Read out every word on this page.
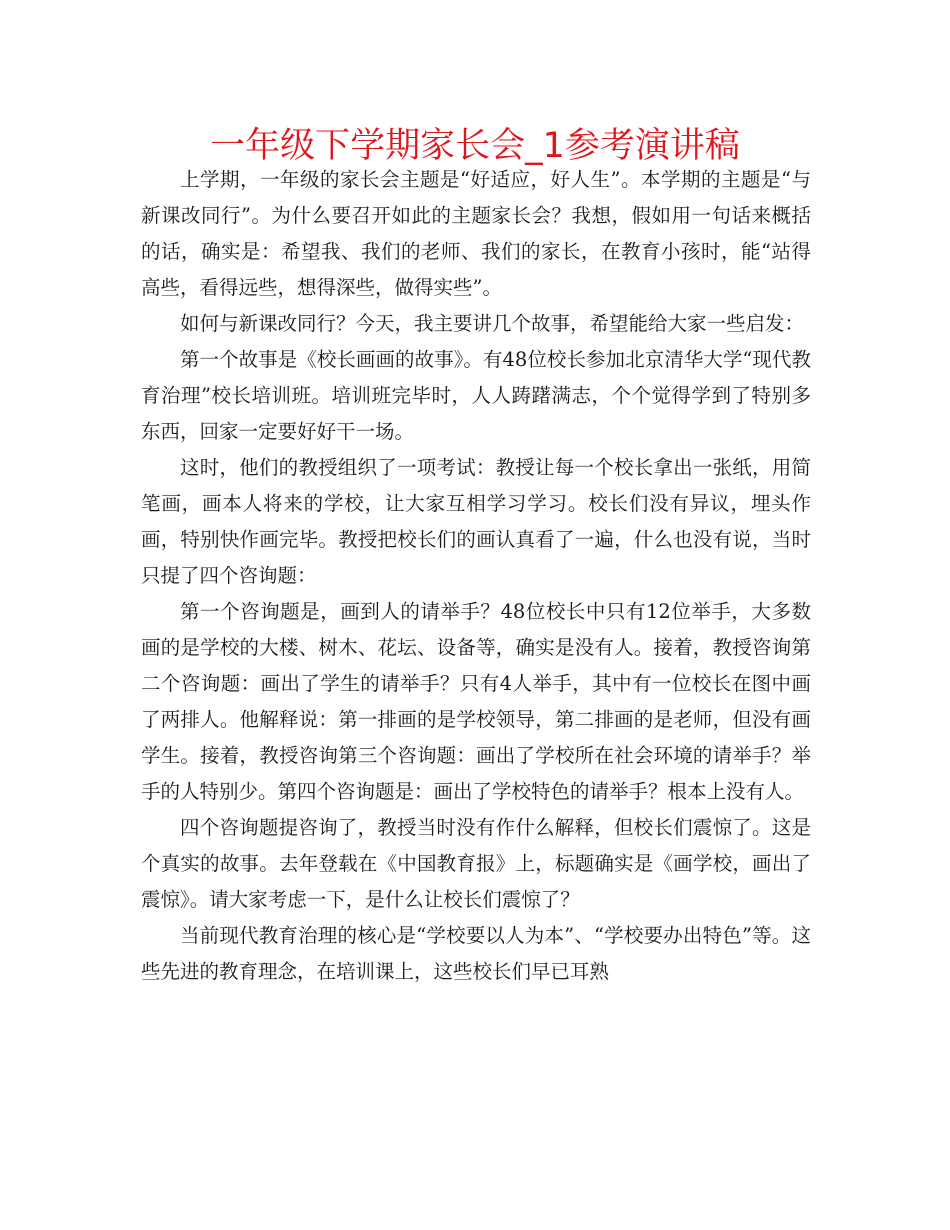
一年级下学期家长会_1参考演讲稿

上学期，一年级的家长会主题是“好适应，好人生”。本学期的主题是“与新课改同行”。为什么要召开如此的主题家长会？我想，假如用一句话来概括的话，确实是：希望我、我们的老师、我们的家长，在教育小孩时，能“站得高些，看得远些，想得深些，做得实些”。

如何与新课改同行？今天，我主要讲几个故事，希望能给大家一些启发：

第一个故事是《校长画画的故事》。有48位校长参加北京清华大学“现代教育治理”校长培训班。培训班完毕时，人人踌躇满志，个个觉得学到了特别多东西，回家一定要好好干一场。

这时，他们的教授组织了一项考试：教授让每一个校长拿出一张纸，用简笔画，画本人将来的学校，让大家互相学习学习。校长们没有异议，埋头作画，特别快作画完毕。教授把校长们的画认真看了一遍，什么也没有说，当时只提了四个咨询题：

第一个咨询题是，画到人的请举手？48位校长中只有12位举手，大多数画的是学校的大楼、树木、花坛、设备等，确实是没有人。接着，教授咨询第二个咨询题：画出了学生的请举手？只有4人举手，其中有一位校长在图中画了两排人。他解释说：第一排画的是学校领导，第二排画的是老师，但没有画学生。接着，教授咨询第三个咨询题：画出了学校所在社会环境的请举手？举手的人特别少。第四个咨询题是：画出了学校特色的请举手？根本上没有人。

四个咨询题提咨询了，教授当时没有作什么解释，但校长们震惊了。这是个真实的故事。去年登载在《中国教育报》上，标题确实是《画学校，画出了震惊》。请大家考虑一下，是什么让校长们震惊了？

当前现代教育治理的核心是“学校要以人为本”、“学校要办出特色”等。这些先进的教育理念，在培训课上，这些校长们早已耳熟
